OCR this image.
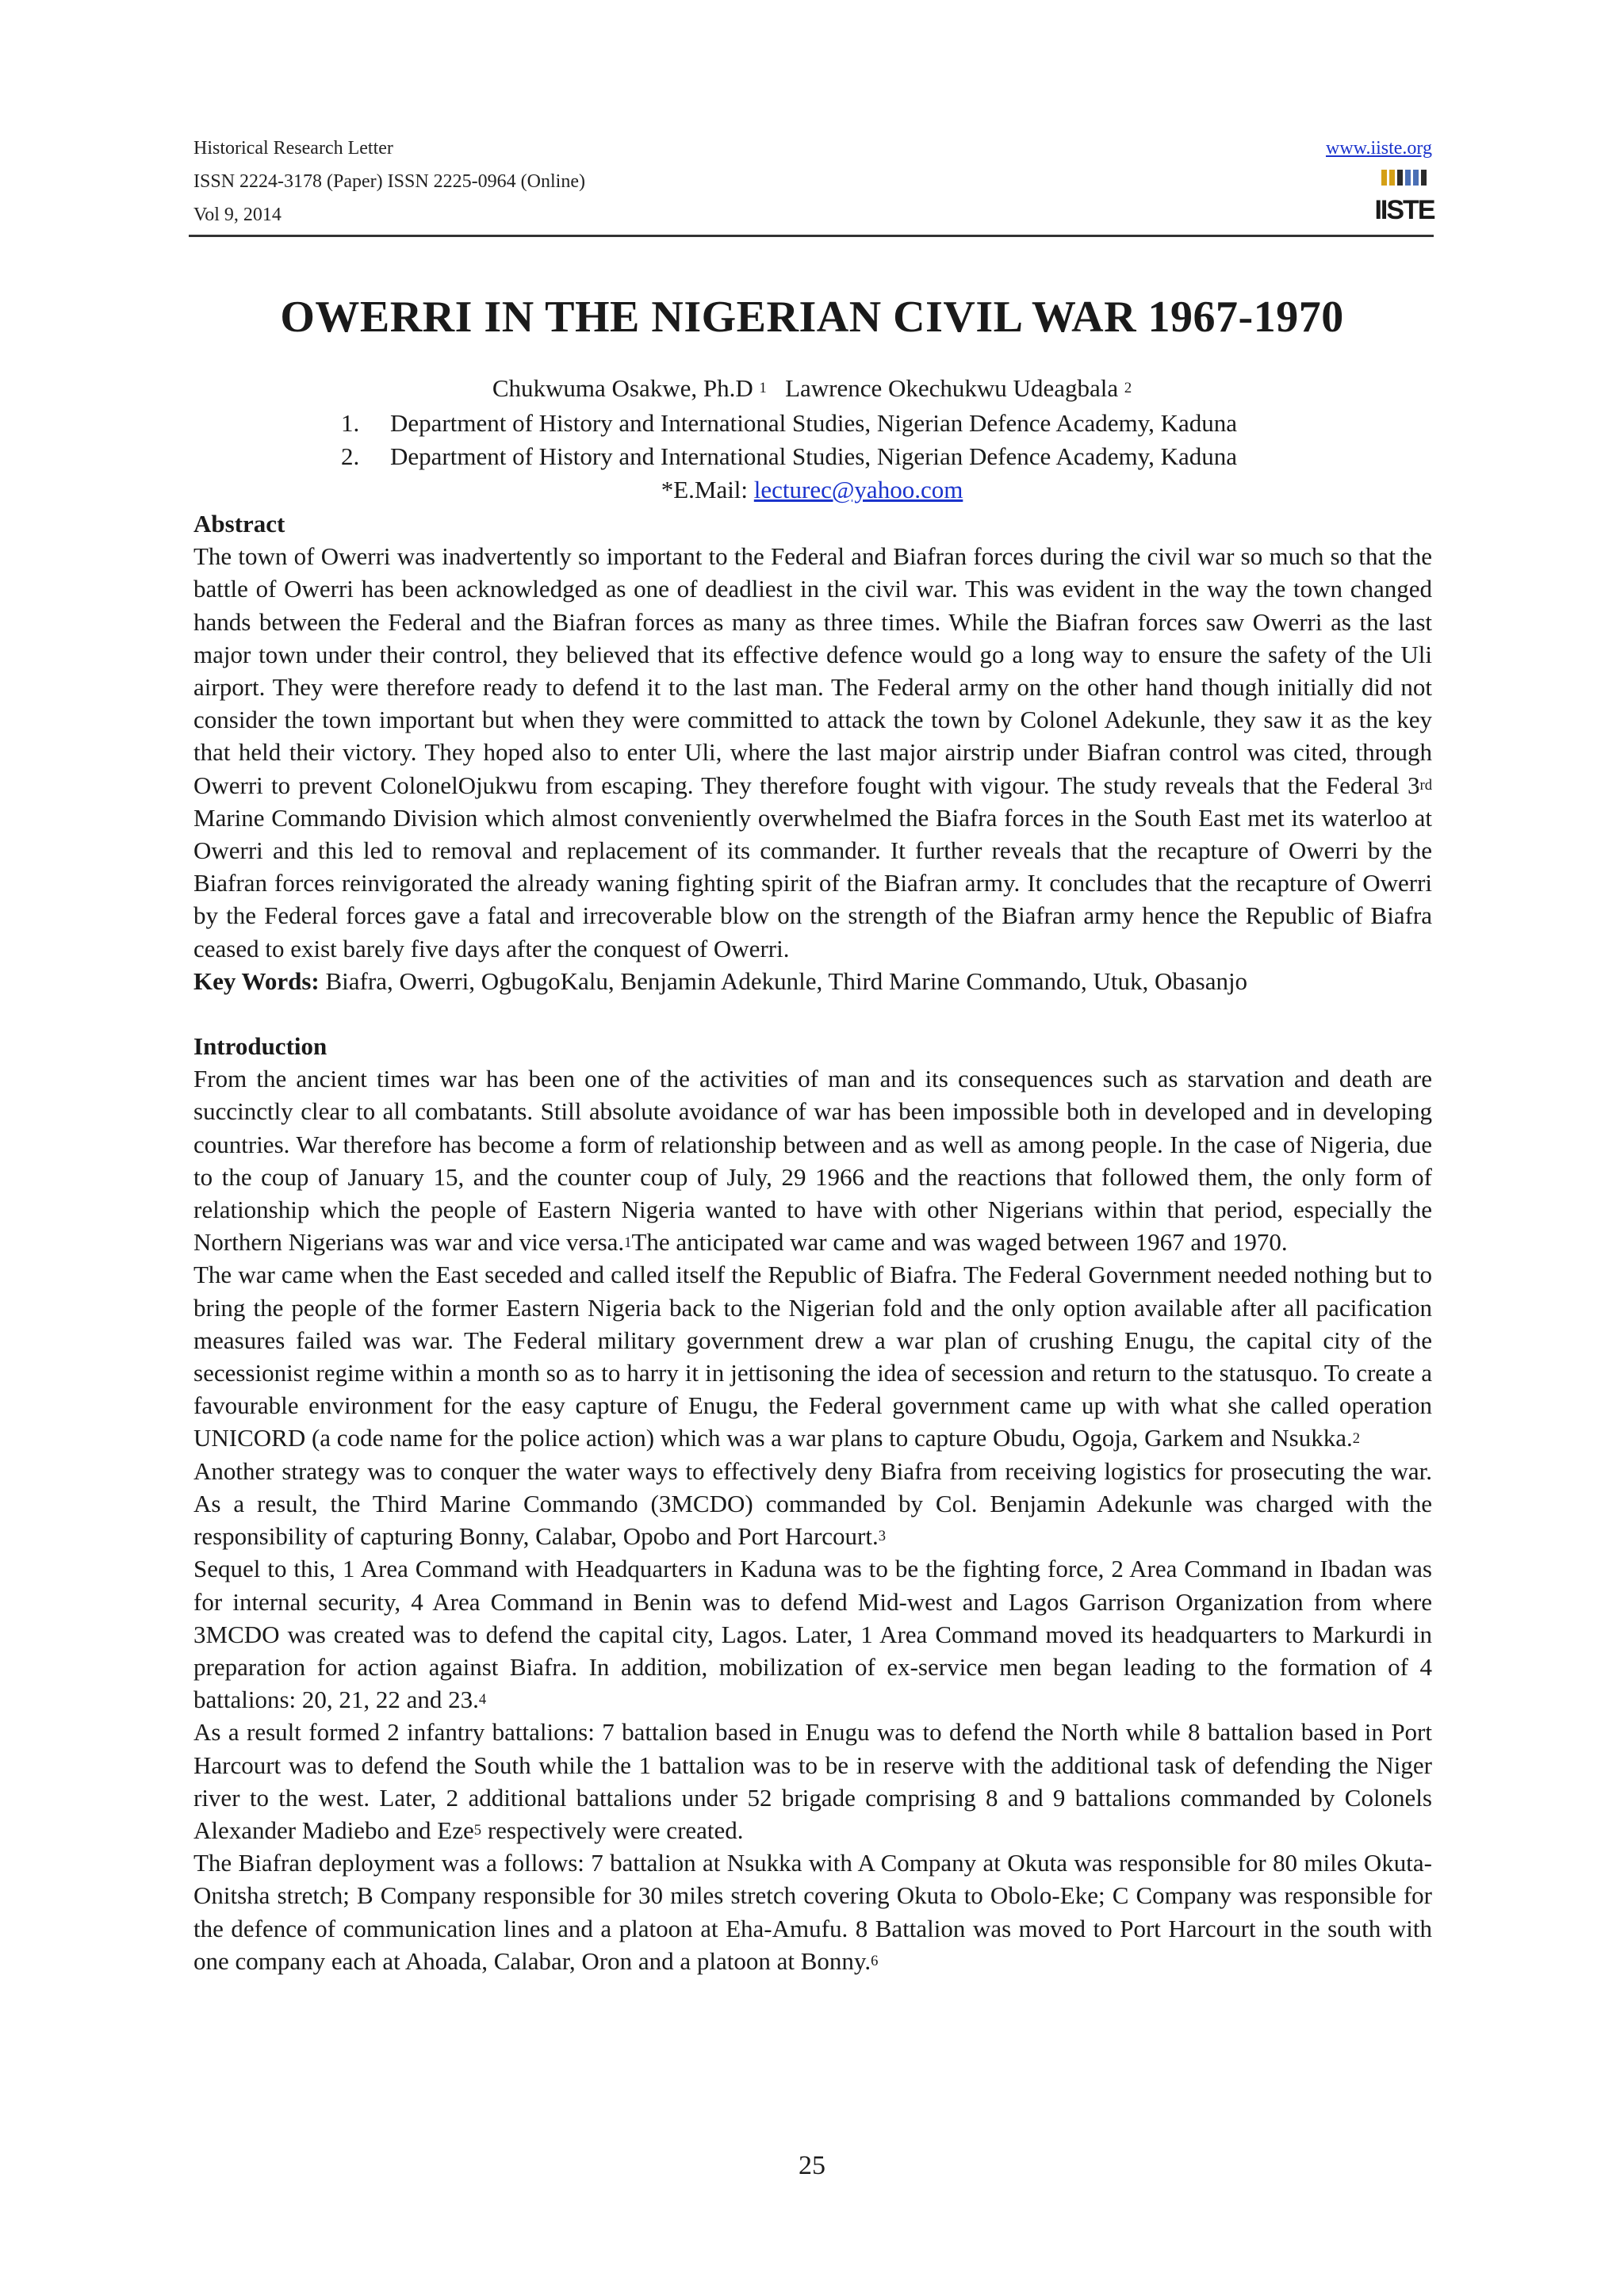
Historical Research Letter
ISSN 2224-3178 (Paper) ISSN 2225-0964 (Online)
Vol 9, 2014
www.iiste.org
IISTE
OWERRI IN THE NIGERIAN CIVIL WAR 1967-1970
Chukwuma Osakwe, Ph.D $^1$ Lawrence Okechukwu Udeagbala $^2$
1. Department of History and International Studies, Nigerian Defence Academy, Kaduna
2. Department of History and International Studies, Nigerian Defence Academy, Kaduna
*E.Mail: lecturec@yahoo.com
Abstract

The town of Owerri was inadvertently so important to the Federal and Biafran forces during the civil war so much so that the battle of Owerri has been acknowledged as one of deadliest in the civil war. This was evident in the way the town changed hands between the Federal and the Biafran forces as many as three times. While the Biafran forces saw Owerri as the last major town under their control, they believed that its effective defence would go a long way to ensure the safety of the Uli airport. They were therefore ready to defend it to the last man. The Federal army on the other hand though initially did not consider the town important but when they were committed to attack the town by Colonel Adekunle, they saw it as the key that held their victory. They hoped also to enter Uli, where the last major airstrip under Biafran control was cited, through Owerri to prevent ColonelOjukwu from escaping. They therefore fought with vigour. The study reveals that the Federal 3rd Marine Commando Division which almost conveniently overwhelmed the Biafra forces in the South East met its waterloo at Owerri and this led to removal and replacement of its commander. It further reveals that the recapture of Owerri by the Biafran forces reinvigorated the already waning fighting spirit of the Biafran army. It concludes that the recapture of Owerri by the Federal forces gave a fatal and irrecoverable blow on the strength of the Biafran army hence the Republic of Biafra ceased to exist barely five days after the conquest of Owerri.

Key Words: Biafra, Owerri, OgbugoKalu, Benjamin Adekunle, Third Marine Commando, Utuk, Obasanjo

Introduction

From the ancient times war has been one of the activities of man and its consequences such as starvation and death are succinctly clear to all combatants. Still absolute avoidance of war has been impossible both in developed and in developing countries. War therefore has become a form of relationship between and as well as among people. In the case of Nigeria, due to the coup of January 15, and the counter coup of July, 29 1966 and the reactions that followed them, the only form of relationship which the people of Eastern Nigeria wanted to have with other Nigerians within that period, especially the Northern Nigerians was war and vice versa.$^1$The anticipated war came and was waged between 1967 and 1970.

The war came when the East seceded and called itself the Republic of Biafra. The Federal Government needed nothing but to bring the people of the former Eastern Nigeria back to the Nigerian fold and the only option available after all pacification measures failed was war. The Federal military government drew a war plan of crushing Enugu, the capital city of the secessionist regime within a month so as to harry it in jettisoning the idea of secession and return to the statusquo. To create a favourable environment for the easy capture of Enugu, the Federal government came up with what she called operation UNICORD (a code name for the police action) which was a war plans to capture Obudu, Ogoja, Garkem and Nsukka.$^2$

Another strategy was to conquer the water ways to effectively deny Biafra from receiving logistics for prosecuting the war. As a result, the Third Marine Commando (3MCDO) commanded by Col. Benjamin Adekunle was charged with the responsibility of capturing Bonny, Calabar, Opobo and Port Harcourt.$^3$

Sequel to this, 1 Area Command with Headquarters in Kaduna was to be the fighting force, 2 Area Command in Ibadan was for internal security, 4 Area Command in Benin was to defend Mid-west and Lagos Garrison Organization from where 3MCDO was created was to defend the capital city, Lagos. Later, 1 Area Command moved its headquarters to Markurdi in preparation for action against Biafra. In addition, mobilization of ex-service men began leading to the formation of 4 battalions: 20, 21, 22 and 23.$^4$

As a result formed 2 infantry battalions: 7 battalion based in Enugu was to defend the North while 8 battalion based in Port Harcourt was to defend the South while the 1 battalion was to be in reserve with the additional task of defending the Niger river to the west. Later, 2 additional battalions under 52 brigade comprising 8 and 9 battalions commanded by Colonels Alexander Madiebo and Eze$^5$ respectively were created.

The Biafran deployment was a follows: 7 battalion at Nsukka with A Company at Okuta was responsible for 80 miles Okuta- Onitsha stretch; B Company responsible for 30 miles stretch covering Okuta to Obolo-Eke; C Company was responsible for the defence of communication lines and a platoon at Eha-Amufu. 8 Battalion was moved to Port Harcourt in the south with one company each at Ahoada, Calabar, Oron and a platoon at Bonny.$^6$

25
